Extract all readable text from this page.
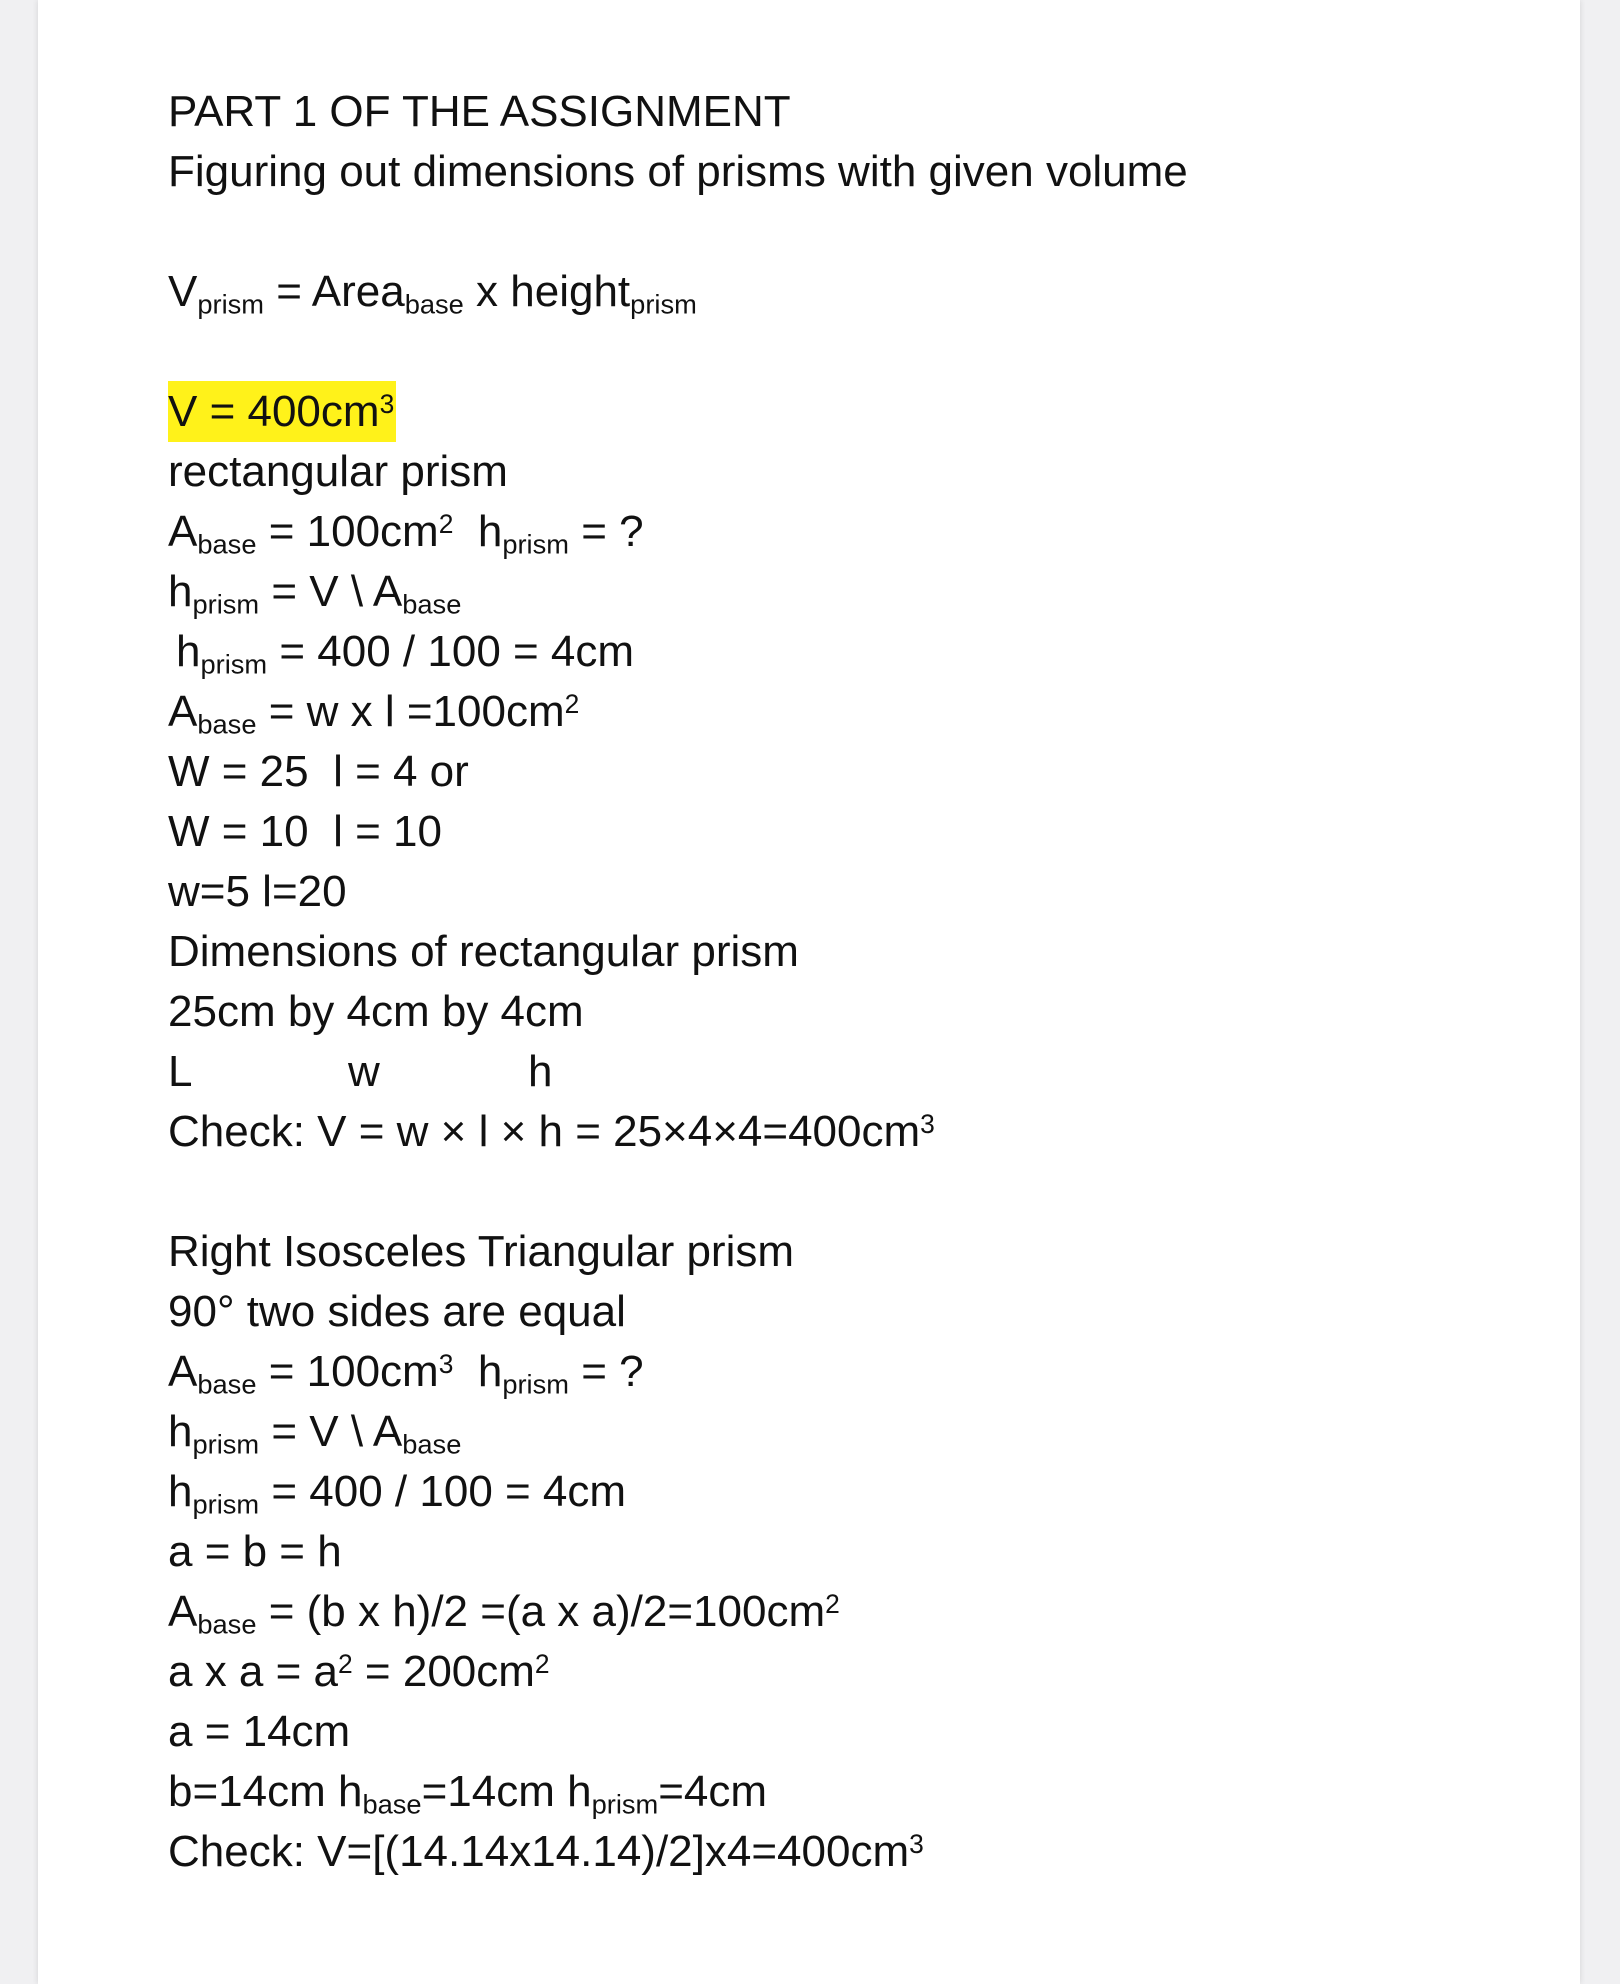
PART 1 OF THE ASSIGNMENT
Figuring out dimensions of prisms with given volume
$V_{prism}$ = Area$_{base}$ x height$_{prism}$
$V = 400cm^3$
rectangular prism
$A_{base} = 100cm^2$  $h_{prism}$ = ?
$h_{prism} = V$ \ $A_{base}$
$h_{prism} = 400 / 100 = 4cm$
$A_{base} = w$ x $l =100cm^2$
W = 25  l = 4 or
W = 10  l = 10
w=5 l=20
Dimensions of rectangular prism
25cm by 4cm by 4cm
L	w	h
Check: $V = w \times l \times h = 25\times 4\times 4=400cm^3$
Right Isosceles Triangular prism
90° two sides are equal
$A_{base} = 100cm^3$  $h_{prism}$ = ?
$h_{prism} = V$ \ $A_{base}$
$h_{prism} = 400 / 100 = 4cm$
a = b = h
$A_{base} = (b$ x h)/2 =(a x $a)/2=100cm^2$
a x $a = a^2 = 200cm^2$
a = 14cm
b=14cm $h_{base}=14cm$ $h_{prism}=4cm$
Check: $V=[(14.14x14.14)/2]x4=400cm^3$
